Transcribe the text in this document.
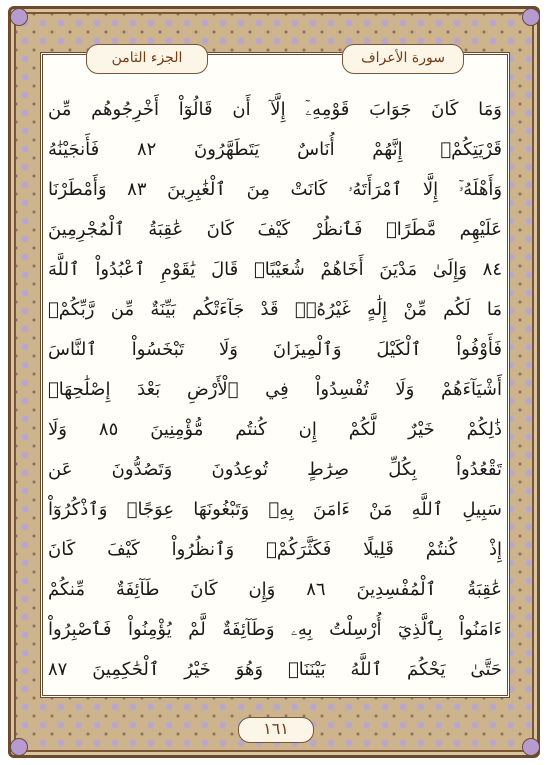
الجزء الثامن	سورة الأعراف
وَمَا كَانَ جَوَابَ قَوْمِهِۦٓ إِلَّآ أَن قَالُوٓاْ أَخْرِجُوهُم مِّن
قَرْيَتِكُمْۖ إِنَّهُمْ أُنَاسٌ يَتَطَهَّرُونَ ٨٢ فَأَنجَيْنَٰهُ
وَأَهْلَهُۥٓ إِلَّا ٱمْرَأَتَهُۥ كَانَتْ مِنَ ٱلْغَٰبِرِينَ ٨٣ وَأَمْطَرْنَا
عَلَيْهِم مَّطَرًاۖ فَٱنظُرْ كَيْفَ كَانَ عَٰقِبَةُ ٱلْمُجْرِمِينَ
٨٤ وَإِلَىٰ مَدْيَنَ أَخَاهُمْ شُعَيْبًاۗ قَالَ يَٰقَوْمِ ٱعْبُدُواْ ٱللَّهَ
مَا لَكُم مِّنْ إِلَٰهٍ غَيْرُهُۥۖ قَدْ جَآءَتْكُم بَيِّنَةٌ مِّن رَّبِّكُمْۖ
فَأَوْفُواْ ٱلْكَيْلَ وَٱلْمِيزَانَ وَلَا تَبْخَسُواْ ٱلنَّاسَ
أَشْيَآءَهُمْ وَلَا تُفْسِدُواْ فِي ٱلْأَرْضِ بَعْدَ إِصْلَٰحِهَاۚ
ذَٰلِكُمْ خَيْرٌ لَّكُمْ إِن كُنتُم مُّؤْمِنِينَ ٨٥ وَلَا
تَقْعُدُواْ بِكُلِّ صِرَٰطٍ تُوعِدُونَ وَتَصُدُّونَ عَن
سَبِيلِ ٱللَّهِ مَنْ ءَامَنَ بِهِۦ وَتَبْغُونَهَا عِوَجًاۚ وَٱذْكُرُوٓاْ
إِذْ كُنتُمْ قَلِيلًا فَكَثَّرَكُمْۖ وَٱنظُرُواْ كَيْفَ كَانَ
عَٰقِبَةُ ٱلْمُفْسِدِينَ ٨٦ وَإِن كَانَ طَآئِفَةٌ مِّنكُمْ
ءَامَنُواْ بِٱلَّذِيٓ أُرْسِلْتُ بِهِۦ وَطَآئِفَةٌ لَّمْ يُؤْمِنُواْ فَٱصْبِرُواْ
حَتَّىٰ يَحْكُمَ ٱللَّهُ بَيْنَنَاۚ وَهُوَ خَيْرُ ٱلْحَٰكِمِينَ ٨٧
١٦١
